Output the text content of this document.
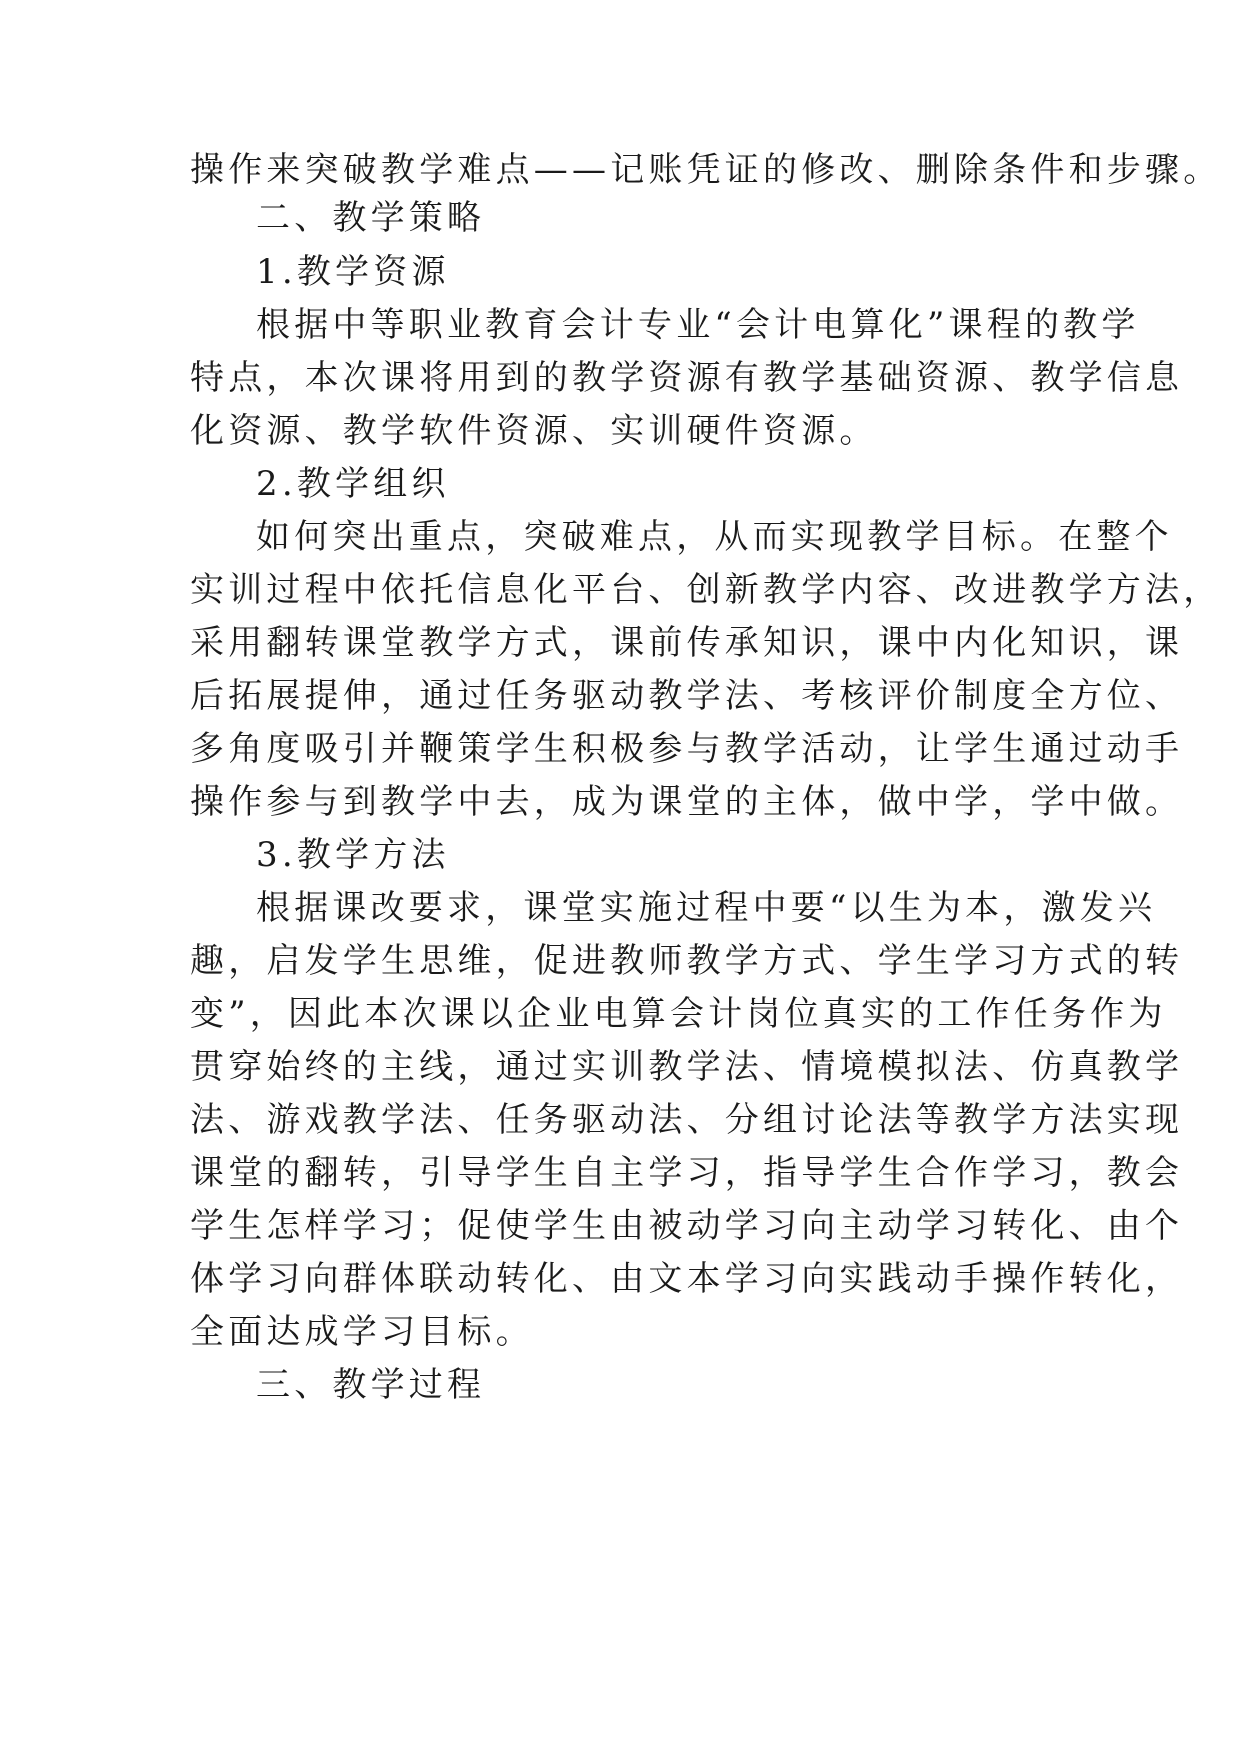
操作来突破教学难点——记账凭证的修改、删除条件和步骤。
二、教学策略
1.教学资源
根据中等职业教育会计专业“会计电算化”课程的教学
特点，本次课将用到的教学资源有教学基础资源、教学信息
化资源、教学软件资源、实训硬件资源。
2.教学组织
如何突出重点，突破难点，从而实现教学目标。在整个
实训过程中依托信息化平台、创新教学内容、改进教学方法，
采用翻转课堂教学方式，课前传承知识，课中内化知识，课
后拓展提伸，通过任务驱动教学法、考核评价制度全方位、
多角度吸引并鞭策学生积极参与教学活动，让学生通过动手
操作参与到教学中去，成为课堂的主体，做中学，学中做。
3.教学方法
根据课改要求，课堂实施过程中要“以生为本，激发兴
趣，启发学生思维，促进教师教学方式、学生学习方式的转
变”，因此本次课以企业电算会计岗位真实的工作任务作为
贯穿始终的主线，通过实训教学法、情境模拟法、仿真教学
法、游戏教学法、任务驱动法、分组讨论法等教学方法实现
课堂的翻转，引导学生自主学习，指导学生合作学习，教会
学生怎样学习；促使学生由被动学习向主动学习转化、由个
体学习向群体联动转化、由文本学习向实践动手操作转化，
全面达成学习目标。
三、教学过程
